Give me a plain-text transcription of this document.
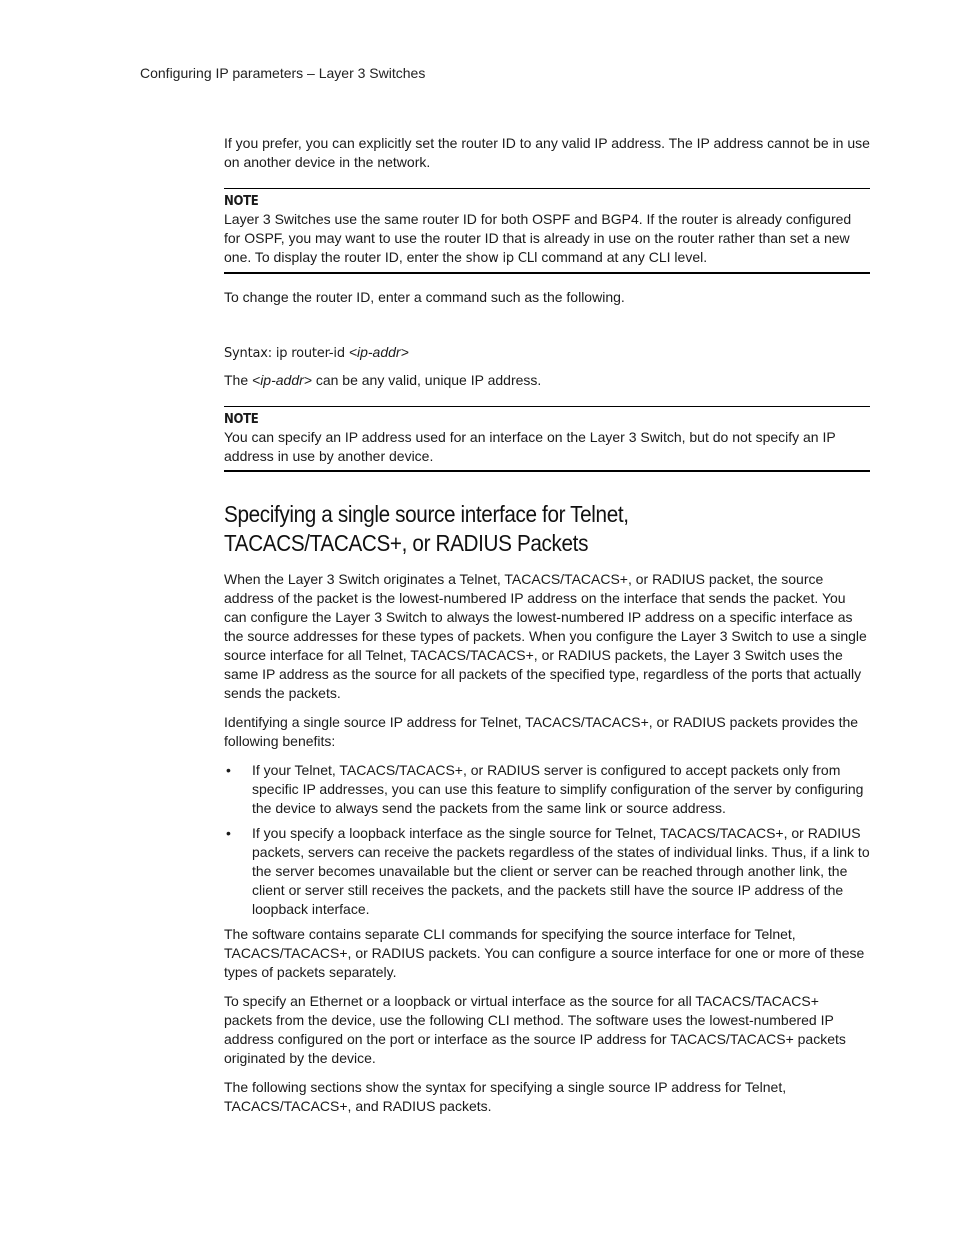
Configuring IP parameters – Layer 3 Switches

If you prefer, you can explicitly set the router ID to any valid IP address. The IP address cannot be in use on another device in the network.

NOTE

Layer 3 Switches use the same router ID for both OSPF and BGP4. If the router is already configured for OSPF, you may want to use the router ID that is already in use on the router rather than set a new one. To display the router ID, enter the show ip CLI command at any CLI level.

To change the router ID, enter a command such as the following.

Syntax: ip router-id <ip-addr>

The <ip-addr> can be any valid, unique IP address.

NOTE

You can specify an IP address used for an interface on the Layer 3 Switch, but do not specify an IP address in use by another device.

Specifying a single source interface for Telnet,
TACACS/TACACS+, or RADIUS Packets

When the Layer 3 Switch originates a Telnet, TACACS/TACACS+, or RADIUS packet, the source address of the packet is the lowest-numbered IP address on the interface that sends the packet. You can configure the Layer 3 Switch to always the lowest-numbered IP address on a specific interface as the source addresses for these types of packets. When you configure the Layer 3 Switch to use a single source interface for all Telnet, TACACS/TACACS+, or RADIUS packets, the Layer 3 Switch uses the same IP address as the source for all packets of the specified type, regardless of the ports that actually sends the packets.

Identifying a single source IP address for Telnet, TACACS/TACACS+, or RADIUS packets provides the following benefits:

• If your Telnet, TACACS/TACACS+, or RADIUS server is configured to accept packets only from specific IP addresses, you can use this feature to simplify configuration of the server by configuring the device to always send the packets from the same link or source address.
• If you specify a loopback interface as the single source for Telnet, TACACS/TACACS+, or RADIUS packets, servers can receive the packets regardless of the states of individual links. Thus, if a link to the server becomes unavailable but the client or server can be reached through another link, the client or server still receives the packets, and the packets still have the source IP address of the loopback interface.

The software contains separate CLI commands for specifying the source interface for Telnet, TACACS/TACACS+, or RADIUS packets. You can configure a source interface for one or more of these types of packets separately.

To specify an Ethernet or a loopback or virtual interface as the source for all TACACS/TACACS+ packets from the device, use the following CLI method. The software uses the lowest-numbered IP address configured on the port or interface as the source IP address for TACACS/TACACS+ packets originated by the device.

The following sections show the syntax for specifying a single source IP address for Telnet, TACACS/TACACS+, and RADIUS packets.
